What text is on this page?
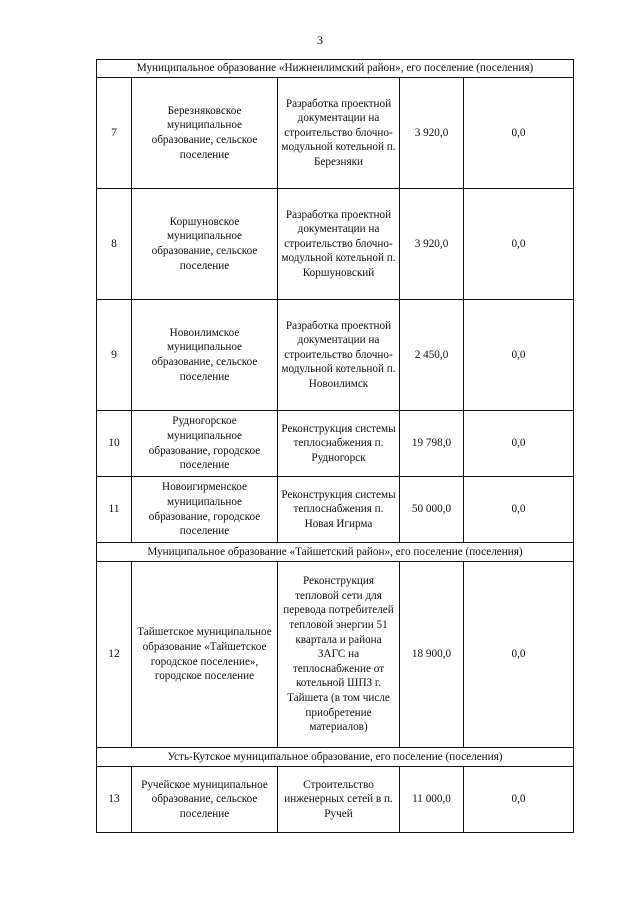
3
Муниципальное образование «Нижнеилимский район», его поселение (поселения)				
7	Березняковское муниципальное образование, сельское поселение	Разработка проектной документации на строительство блочно-модульной котельной п. Березняки	3 920,0	0,0
8	Коршуновское муниципальное образование, сельское поселение	Разработка проектной документации на строительство блочно-модульной котельной п. Коршуновский	3 920,0	0,0
9	Новоилимское муниципальное образование, сельское поселение	Разработка проектной документации на строительство блочно-модульной котельной п. Новоилимск	2 450,0	0,0
10	Рудногорское муниципальное образование, городское поселение	Реконструкция системы теплоснабжения п. Рудногорск	19 798,0	0,0
11	Новоигирменское муниципальное образование, городское поселение	Реконструкция системы теплоснабжения п. Новая Игирма	50 000,0	0,0
Муниципальное образование «Тайшетский район», его поселение (поселения)				
12	Тайшетское муниципальное образование «Тайшетское городское поселение», городское поселение	Реконструкция тепловой сети для перевода потребителей тепловой энергии 51 квартала и района ЗАГС на теплоснабжение от котельной ШПЗ г. Тайшета (в том числе приобретение материалов)	18 900,0	0,0
Усть-Кутское муниципальное образование, его поселение (поселения)				
13	Ручейское муниципальное образование, сельское поселение	Строительство инженерных сетей в п. Ручей	11 000,0	0,0
